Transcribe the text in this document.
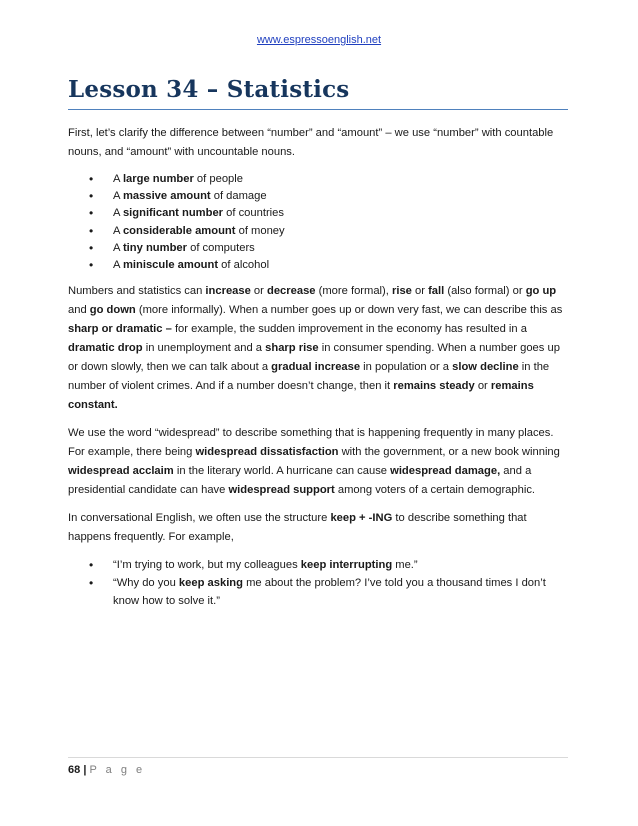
www.espressoenglish.net
Lesson 34 – Statistics

First, let’s clarify the difference between “number” and “amount” – we use “number” with countable nouns, and “amount” with uncountable nouns.

• A large number of people
• A massive amount of damage
• A significant number of countries
• A considerable amount of money
• A tiny number of computers
• A miniscule amount of alcohol

Numbers and statistics can increase or decrease (more formal), rise or fall (also formal) or go up and go down (more informally). When a number goes up or down very fast, we can describe this as sharp or dramatic – for example, the sudden improvement in the economy has resulted in a dramatic drop in unemployment and a sharp rise in consumer spending. When a number goes up or down slowly, then we can talk about a gradual increase in population or a slow decline in the number of violent crimes. And if a number doesn’t change, then it remains steady or remains constant.

We use the word “widespread” to describe something that is happening frequently in many places. For example, there being widespread dissatisfaction with the government, or a new book winning widespread acclaim in the literary world. A hurricane can cause widespread damage, and a presidential candidate can have widespread support among voters of a certain demographic.

In conversational English, we often use the structure keep + -ING to describe something that happens frequently. For example,

• “I’m trying to work, but my colleagues keep interrupting me.”
• “Why do you keep asking me about the problem? I’ve told you a thousand times I don’t know how to solve it.”
68 | P a g e
